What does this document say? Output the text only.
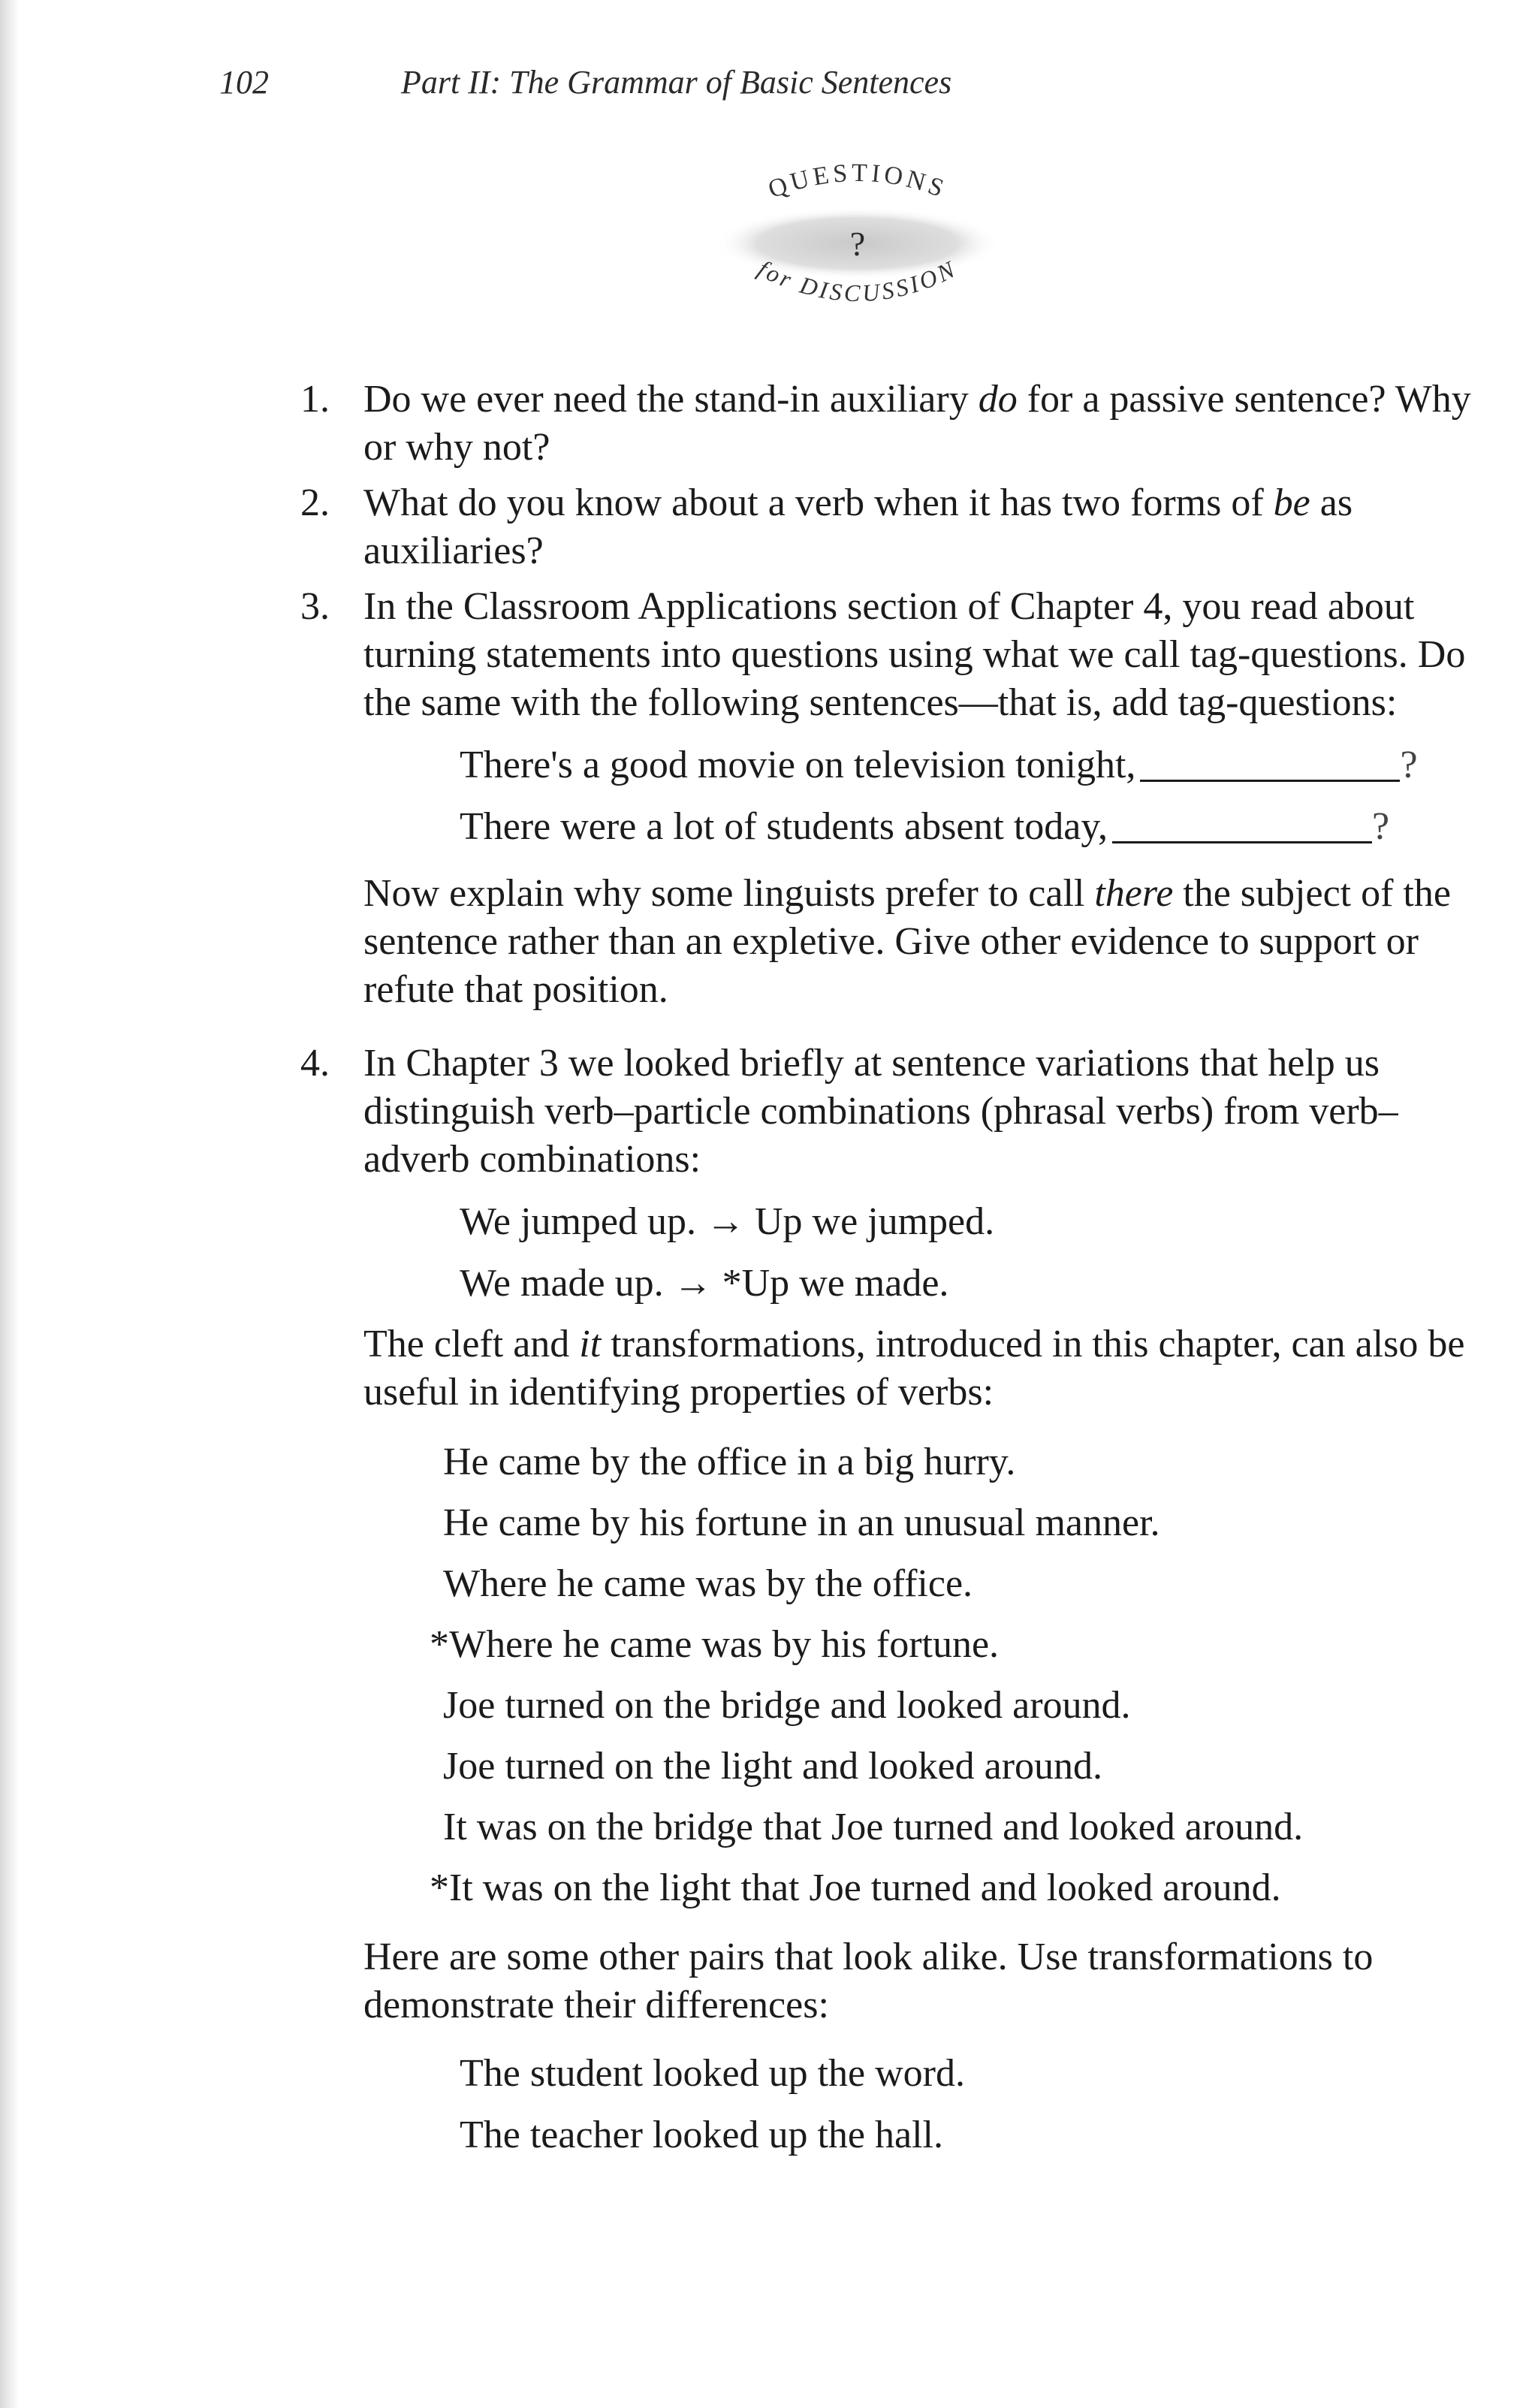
102	Part II: The Grammar of Basic Sentences
QUESTIONS
?
for DISCUSSION
1. Do we ever need the stand-in auxiliary do for a passive sentence? Why or why not?

2. What do you know about a verb when it has two forms of be as auxiliaries?

3. In the Classroom Applications section of Chapter 4, you read about turning statements into questions using what we call tag-questions. Do the same with the following sentences—that is, add tag-questions:

There's a good movie on television tonight,	?

There were a lot of students absent today,	?

Now explain why some linguists prefer to call there the subject of the sentence rather than an expletive. Give other evidence to support or refute that position.

4. In Chapter 3 we looked briefly at sentence variations that help us distinguish verb–particle combinations (phrasal verbs) from verb–adverb combinations:

We jumped up. → Up we jumped.

We made up. → *Up we made.

The cleft and it transformations, introduced in this chapter, can also be useful in identifying properties of verbs:

He came by the office in a big hurry.

He came by his fortune in an unusual manner.

Where he came was by the office.

*Where he came was by his fortune.

Joe turned on the bridge and looked around.

Joe turned on the light and looked around.

It was on the bridge that Joe turned and looked around.

*It was on the light that Joe turned and looked around.

Here are some other pairs that look alike. Use transformations to demonstrate their differences:

The student looked up the word.

The teacher looked up the hall.
